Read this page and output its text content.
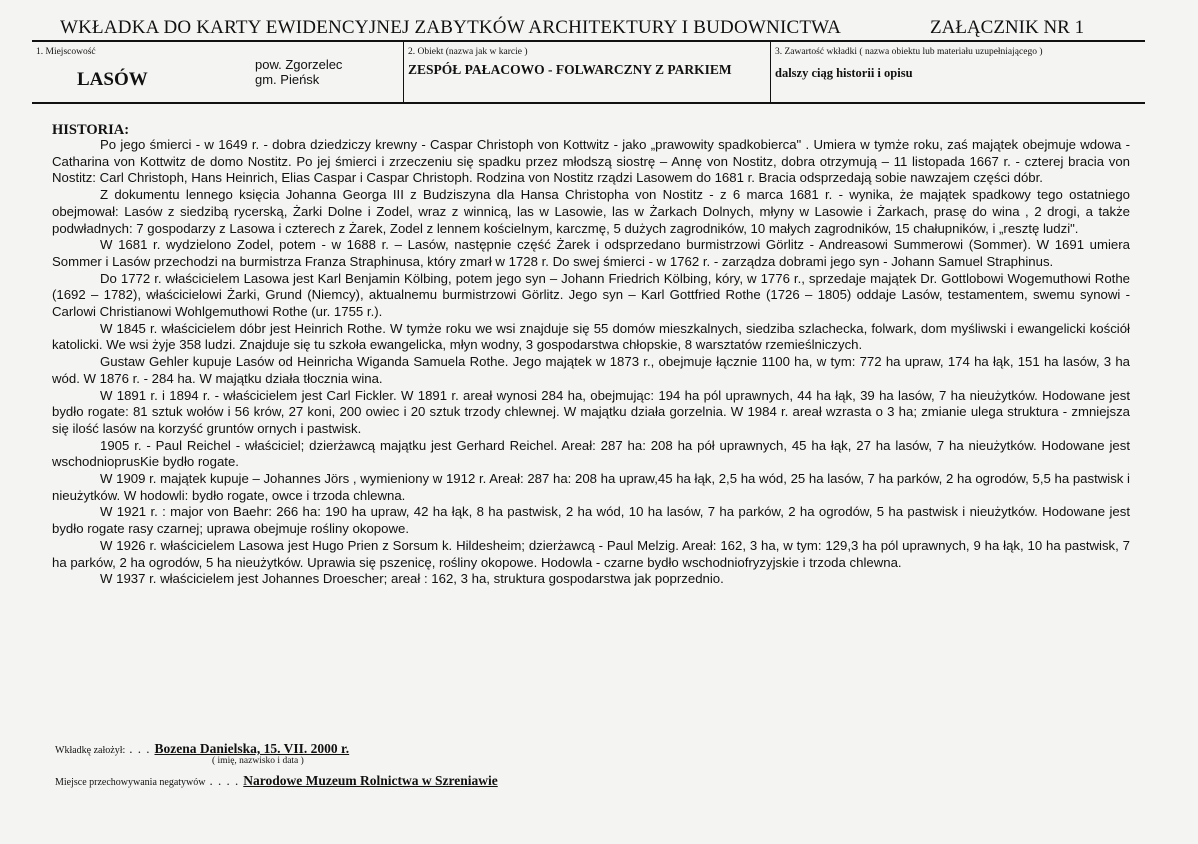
WKŁADKA DO KARTY EWIDENCYJNEJ ZABYTKÓW ARCHITEKTURY I BUDOWNICTWA	ZAŁĄCZNIK NR 1
1. Miejscowość
LASÓW
pow. Zgorzelec
gm. Pieńsk
2. Obiekt (nazwa jak w karcie )
ZESPÓŁ PAŁACOWO - FOLWARCZNY Z PARKIEM
3. Zawartość wkładki ( nazwa obiektu lub materiału uzupełniającego )
dalszy ciąg historii i opisu
HISTORIA:

Po jego śmierci - w 1649 r. - dobra dziedziczy krewny - Caspar Christoph von Kottwitz - jako „prawowity spadkobierca" . Umiera w tymże roku, zaś majątek obejmuje wdowa - Catharina von Kottwitz de domo Nostitz. Po jej śmierci i zrzeczeniu się spadku przez młodszą siostrę – Annę von Nostitz, dobra otrzymują – 11 listopada 1667 r. - czterej bracia von Nostitz: Carl Christoph, Hans Heinrich, Elias Caspar i Caspar Christoph. Rodzina von Nostitz rządzi Lasowem do 1681 r. Bracia odsprzedają sobie nawzajem części dóbr.

Z dokumentu lennego księcia Johanna Georga III z Budziszyna dla Hansa Christopha von Nostitz - z 6 marca 1681 r. - wynika, że majątek spadkowy tego ostatniego obejmował: Lasów z siedzibą rycerską, Żarki Dolne i Zodel, wraz z winnicą, las w Lasowie, las w Żarkach Dolnych, młyny w Lasowie i Żarkach, prasę do wina , 2 drogi, a także podwładnych: 7 gospodarzy z Lasowa i czterech z Żarek, Zodel z lennem kościelnym, karczmę, 5 dużych zagrodników, 10 małych zagrodników, 15 chałupników, i „resztę ludzi".

W 1681 r. wydzielono Zodel, potem - w 1688 r. – Lasów, następnie część Żarek i odsprzedano burmistrzowi Görlitz - Andreasowi Summerowi (Sommer). W 1691 umiera Sommer i Lasów przechodzi na burmistrza Franza Straphinusa, który zmarł w 1728 r. Do swej śmierci - w 1762 r. - zarządza dobrami jego syn - Johann Samuel Straphinus.

Do 1772 r. właścicielem Lasowa jest Karl Benjamin Kölbing, potem jego syn – Johann Friedrich Kölbing, kóry, w 1776 r., sprzedaje majątek Dr. Gottlobowi Wogemuthowi Rothe (1692 – 1782), właścicielowi Żarki, Grund (Niemcy), aktualnemu burmistrzowi Görlitz. Jego syn – Karl Gottfried Rothe (1726 – 1805) oddaje Lasów, testamentem, swemu synowi - Carlowi Christianowi Wohlgemuthowi Rothe (ur. 1755 r.).

W 1845 r. właścicielem dóbr jest Heinrich Rothe. W tymże roku we wsi znajduje się 55 domów mieszkalnych, siedziba szlachecka, folwark, dom myśliwski i ewangelicki kościół katolicki. We wsi żyje 358 ludzi. Znajduje się tu szkoła ewangelicka, młyn wodny, 3 gospodarstwa chłopskie, 8 warsztatów rzemieślniczych.

Gustaw Gehler kupuje Lasów od Heinricha Wiganda Samuela Rothe. Jego majątek w 1873 r., obejmuje łącznie 1100 ha, w tym: 772 ha upraw, 174 ha łąk, 151 ha lasów, 3 ha wód. W 1876 r. - 284 ha. W majątku działa tłocznia wina.

W 1891 r. i 1894 r. - właścicielem jest Carl Fickler. W 1891 r. areał wynosi 284 ha, obejmując: 194 ha pól uprawnych, 44 ha łąk, 39 ha lasów, 7 ha nieużytków. Hodowane jest bydło rogate: 81 sztuk wołów i 56 krów, 27 koni, 200 owiec i 20 sztuk trzody chlewnej. W majątku działa gorzelnia. W 1984 r. areał wzrasta o 3 ha; zmianie ulega struktura - zmniejsza się ilość lasów na korzyść gruntów ornych i pastwisk.

1905 r. - Paul Reichel - właściciel; dzierżawcą majątku jest Gerhard Reichel. Areał: 287 ha: 208 ha pół uprawnych, 45 ha łąk, 27 ha lasów, 7 ha nieużytków. Hodowane jest wschodnioprusKie bydło rogate.

W 1909 r. majątek kupuje – Johannes Jörs , wymieniony w 1912 r. Areał: 287 ha: 208 ha upraw,45 ha łąk, 2,5 ha wód, 25 ha lasów, 7 ha parków, 2 ha ogrodów, 5,5 ha pastwisk i nieużytków. W hodowli: bydło rogate, owce i trzoda chlewna.

W 1921 r. : major von Baehr: 266 ha: 190 ha upraw, 42 ha łąk, 8 ha pastwisk, 2 ha wód, 10 ha lasów, 7 ha parków, 2 ha ogrodów, 5 ha pastwisk i nieużytków. Hodowane jest bydło rogate rasy czarnej; uprawa obejmuje rośliny okopowe.

W 1926 r. właścicielem Lasowa jest Hugo Prien z Sorsum k. Hildesheim; dzierżawcą - Paul Melzig. Areał: 162, 3 ha, w tym: 129,3 ha pól uprawnych, 9 ha łąk, 10 ha pastwisk, 7 ha parków, 2 ha ogrodów, 5 ha nieużytków. Uprawia się pszenicę, rośliny okopowe. Hodowla - czarne bydło wschodniofryzyjskie i trzoda chlewna.

W 1937 r. właścicielem jest Johannes Droescher; areał : 162, 3 ha, struktura gospodarstwa jak poprzednio.

Wkładkę założył: . . . Bozena Danielska, 15. VII. 2000 r.
( imię, nazwisko i data )
Miejsce przechowywania negatywów . . . . Narodowe Muzeum Rolnictwa w Szreniawie
